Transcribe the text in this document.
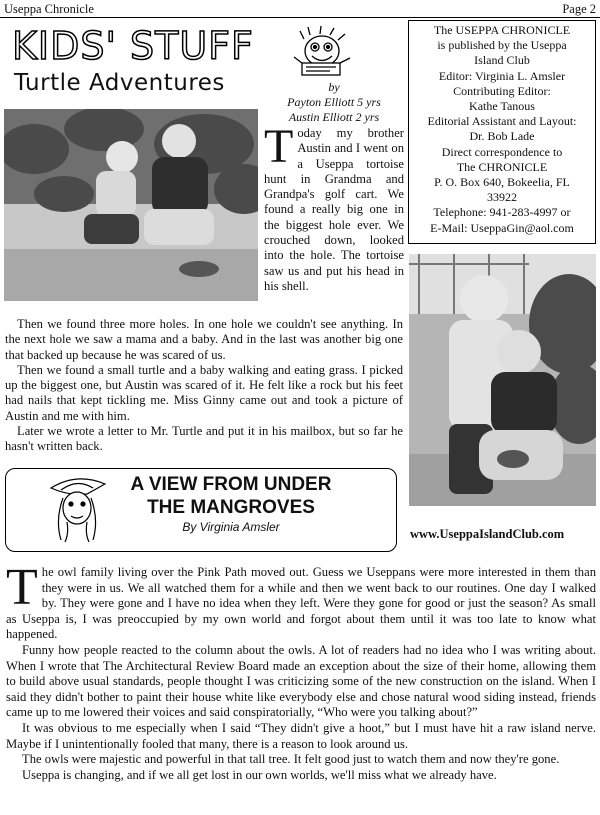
Useppa Chronicle	Page 2
KIDS' STUFF
Turtle Adventures	by
Payton Elliott 5 yrs
Austin Elliott 2 yrs
Today my brother Austin and I went on a Useppa tortoise hunt in Grandma and Grandpa's golf cart. We found a really big one in the biggest hole ever. We crouched down, looked into the hole. The tortoise saw us and put his head in his shell.

Then we found three more holes. In one hole we couldn't see anything. In the next hole we saw a mama and a baby. And in the last was another big one that backed up because he was scared of us.

Then we found a small turtle and a baby walking and eating grass. I picked up the biggest one, but Austin was scared of it. He felt like a rock but his feet had nails that kept tickling me. Miss Ginny came out and took a picture of Austin and me with him.

Later we wrote a letter to Mr. Turtle and put it in his mailbox, but so far he hasn't written back.

The USEPPA CHRONICLE
is published by the Useppa
Island Club
Editor: Virginia L. Amsler
Contributing Editor:
Kathe Tanous
Editorial Assistant and Layout:
Dr. Bob Lade
Direct correspondence to
The CHRONICLE
P. O. Box 640, Bokeelia, FL
33922
Telephone: 941-283-4997 or
E-Mail: UseppaGin@aol.com
A VIEW FROM UNDER
THE MANGROVES
By Virginia Amsler	www.UseppaIslandClub.com

The owl family living over the Pink Path moved out. Guess we Useppans were more interested in them than they were in us. We all watched them for a while and then we went back to our routines. One day I walked by. They were gone and I have no idea when they left. Were they gone for good or just the season? As small as Useppa is, I was preoccupied by my own world and forgot about them until it was too late to know what happened.

Funny how people reacted to the column about the owls. A lot of readers had no idea who I was writing about. When I wrote that The Architectural Review Board made an exception about the size of their home, allowing them to build above usual standards, people thought I was criticizing some of the new construction on the island. When I said they didn't bother to paint their house white like everybody else and chose natural wood siding instead, friends came up to me lowered their voices and said conspiratorially, “Who were you talking about?”

It was obvious to me especially when I said “They didn't give a hoot,” but I must have hit a raw island nerve. Maybe if I unintentionally fooled that many, there is a reason to look around us.

The owls were majestic and powerful in that tall tree. It felt good just to watch them and now they're gone.

Useppa is changing, and if we all get lost in our own worlds, we'll miss what we already have.
